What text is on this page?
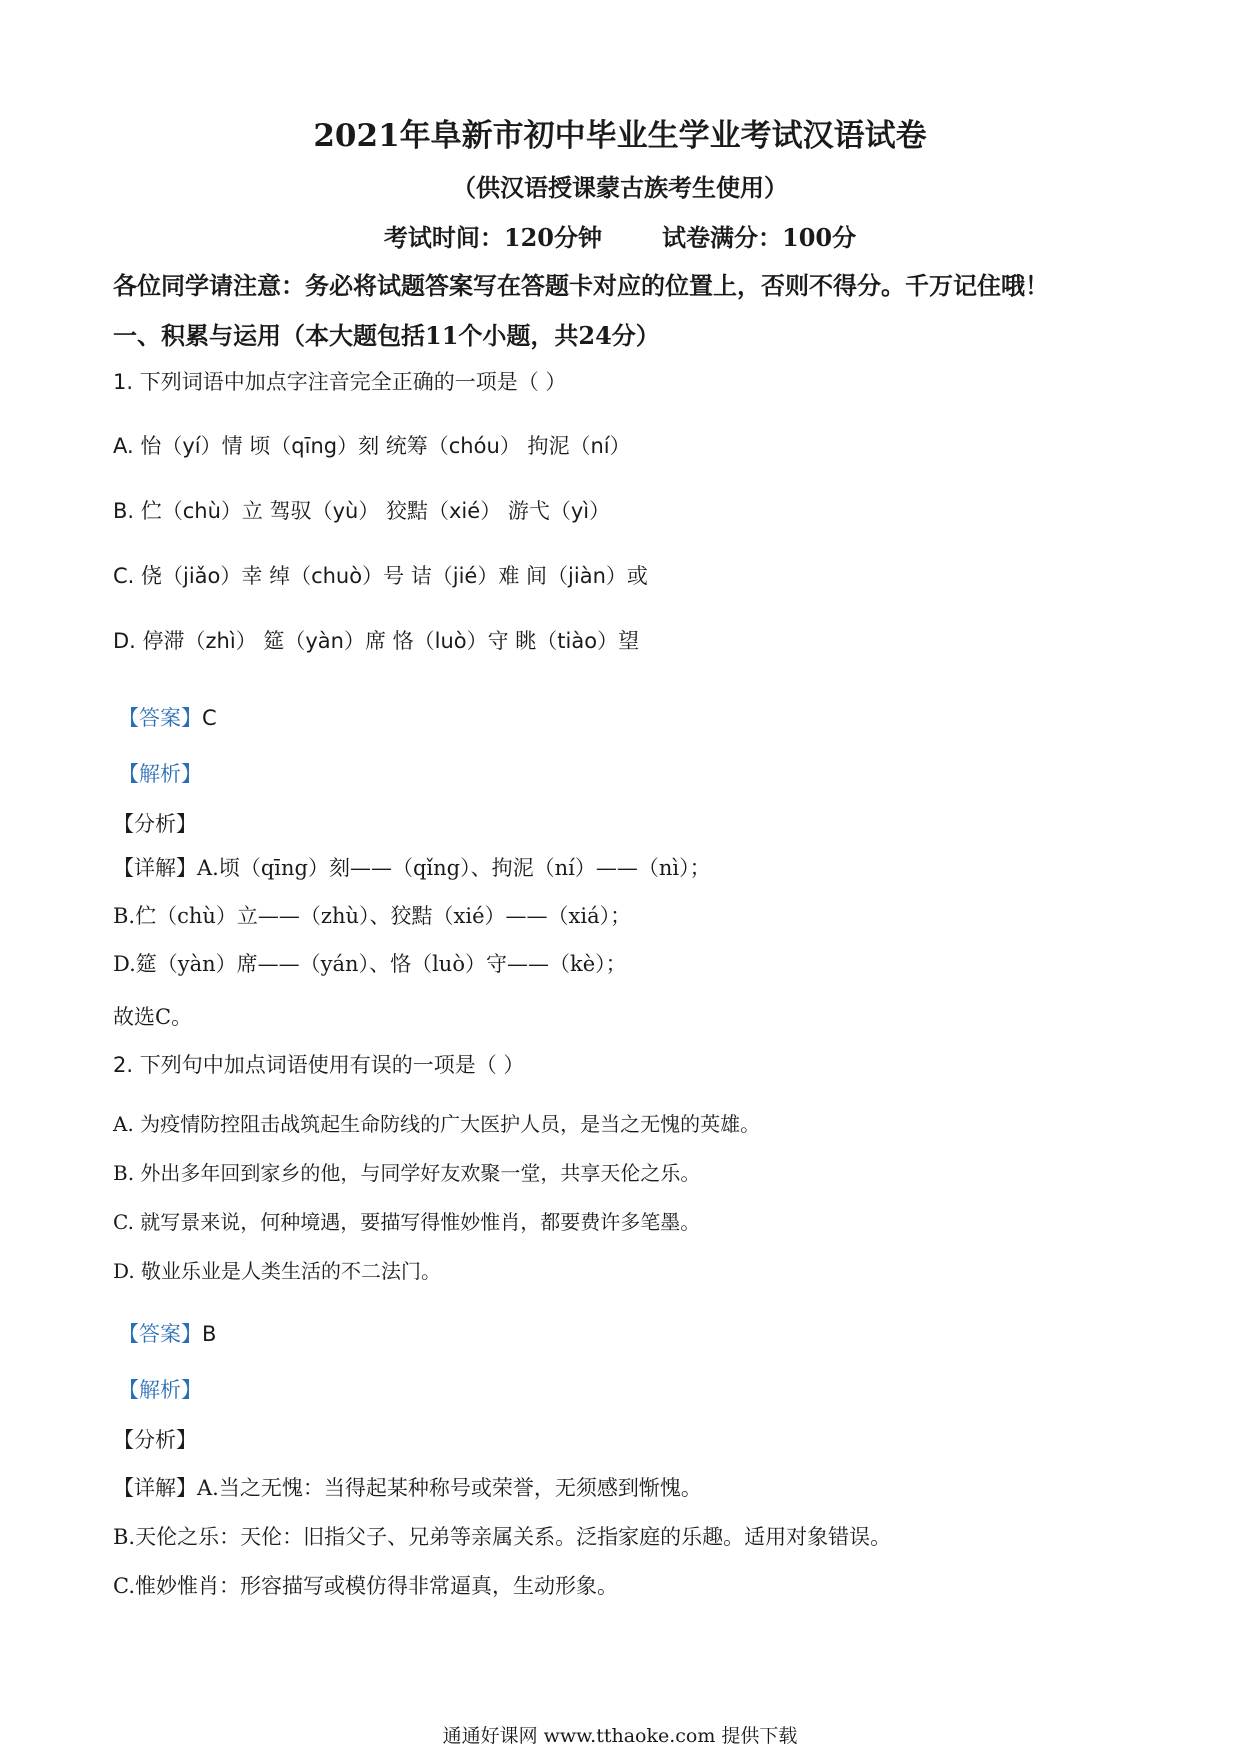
2021年阜新市初中毕业生学业考试汉语试卷
（供汉语授课蒙古族考生使用）
考试时间：120分钟	试卷满分：100分
各位同学请注意：务必将试题答案写在答题卡对应的位置上，否则不得分。千万记住哦！
一、积累与运用（本大题包括11个小题，共24分）
1. 下列词语中加点字注音完全正确的一项是（ ）
A. 怡（yí）情 顷（qīng）刻 统筹（chóu） 拘泥（ní）
B. 伫（chù）立 驾驭（yù） 狡黠（xié） 游弋（yì）
C. 侥（jiǎo）幸 绰（chuò）号 诘（jié）难 间（jiàn）或
D. 停滞（zhì） 筵（yàn）席 恪（luò）守 眺（tiào）望
【答案】C
【解析】
【分析】
【详解】A.顷（qīng）刻——（qǐng）、拘泥（ní）——（nì）；
B.伫（chù）立——（zhù）、狡黠（xié）——（xiá）；
D.筵（yàn）席——（yán）、恪（luò）守——（kè）；
故选C。
2. 下列句中加点词语使用有误的一项是（ ）
A. 为疫情防控阻击战筑起生命防线的广大医护人员，是当之无愧的英雄。
B. 外出多年回到家乡的他，与同学好友欢聚一堂，共享天伦之乐。
C. 就写景来说，何种境遇，要描写得惟妙惟肖，都要费许多笔墨。
D. 敬业乐业是人类生活的不二法门。
【答案】B
【解析】
【分析】
【详解】A.当之无愧：当得起某种称号或荣誉，无须感到惭愧。
B.天伦之乐：天伦：旧指父子、兄弟等亲属关系。泛指家庭的乐趣。适用对象错误。
C.惟妙惟肖：形容描写或模仿得非常逼真，生动形象。
通通好课网 www.tthaoke.com 提供下载
